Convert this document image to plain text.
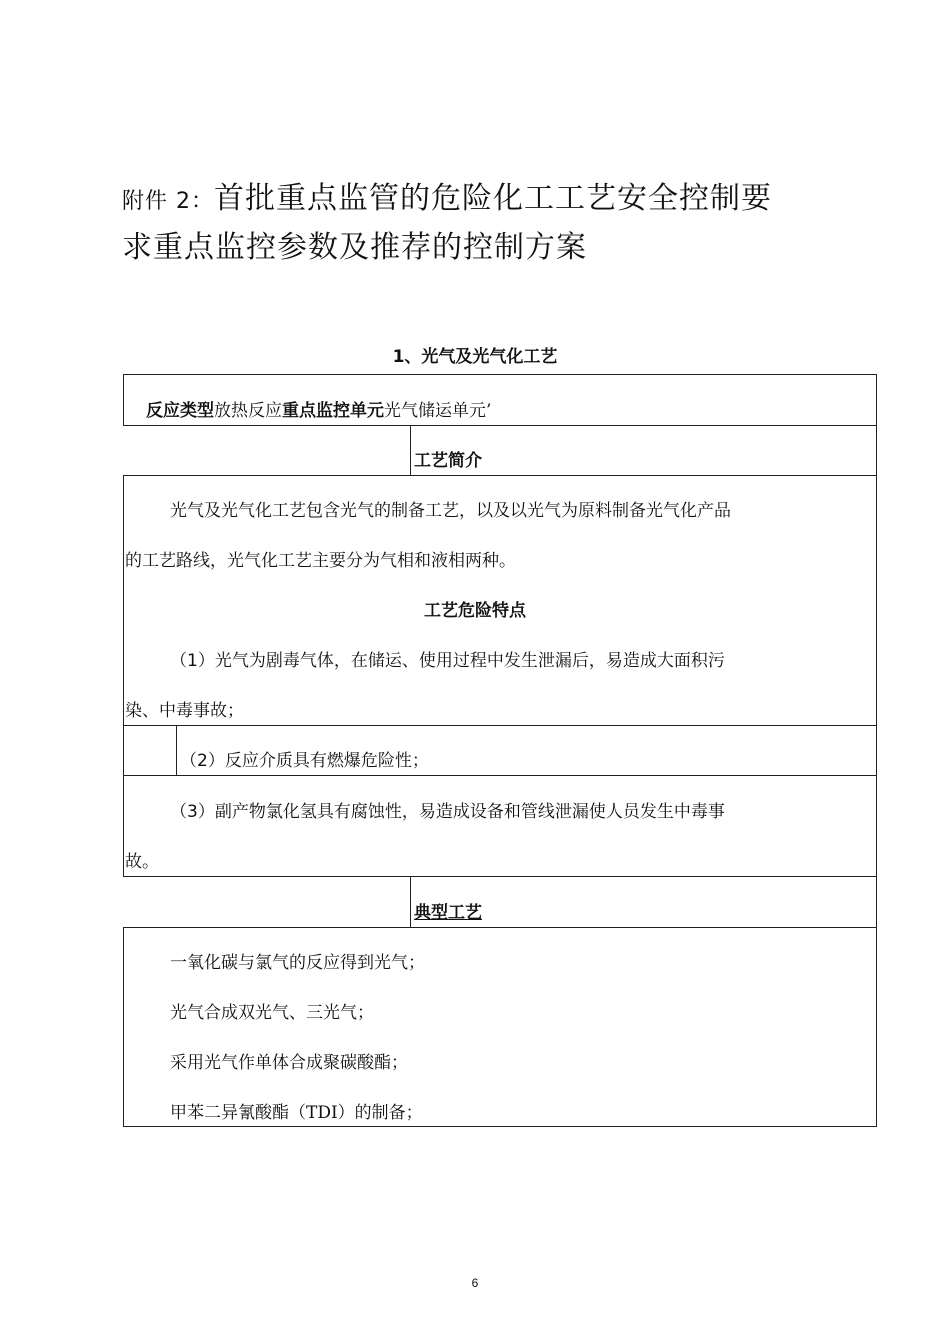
附件 2：首批重点监管的危险化工工艺安全控制要
求重点监控参数及推荐的控制方案
1、光气及光气化工艺
反应类型放热反应重点监控单元光气储运单元’
工艺简介
光气及光气化工艺包含光气的制备工艺，以及以光气为原料制备光气化产品
的工艺路线，光气化工艺主要分为气相和液相两种。
工艺危险特点
（1）光气为剧毒气体，在储运、使用过程中发生泄漏后，易造成大面积污
染、中毒事故；
（2）反应介质具有燃爆危险性；
（3）副产物氯化氢具有腐蚀性，易造成设备和管线泄漏使人员发生中毒事
故。
典型工艺
一氧化碳与氯气的反应得到光气；
光气合成双光气、三光气；
采用光气作单体合成聚碳酸酯；
甲苯二异氰酸酯（TDI）的制备；
6
